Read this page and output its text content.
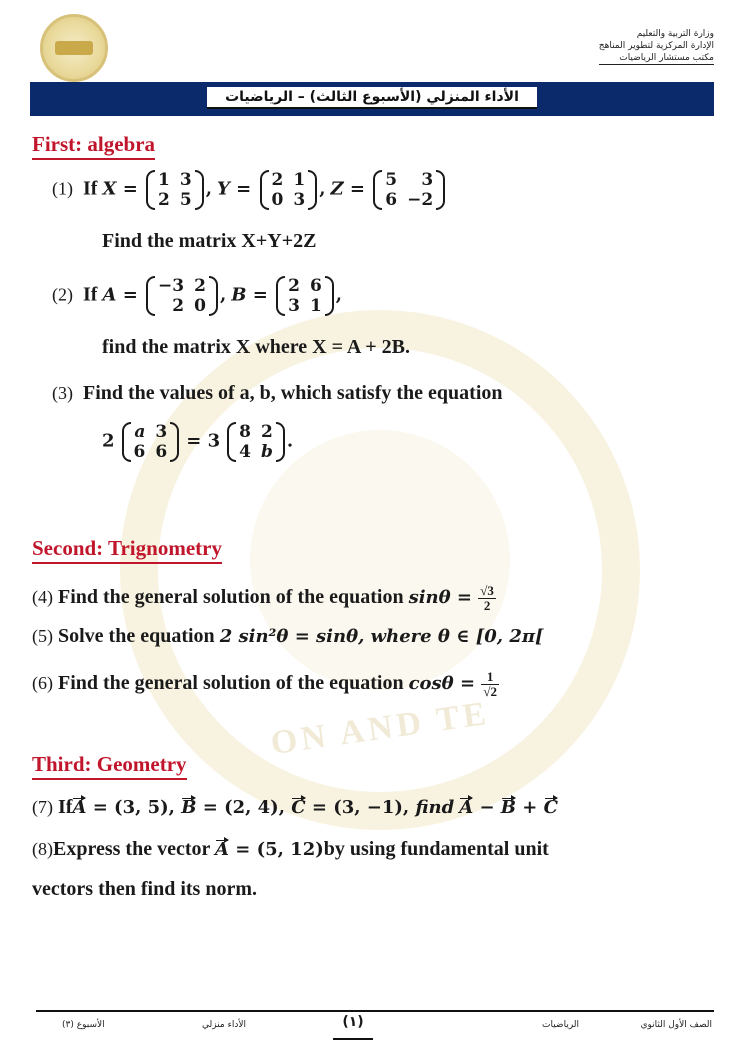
وزارة التربية والتعليم
الإدارة المركزية لتطوير المناهج
مكتب مستشار الرياضيات
الأداء المنزلي (الأسبوع الثالث) – الرياضيات
First: algebra
(1) If X = 1	3
2	5
, Y = 2	1
0	3
, Z = 5	3
6	−2
Find the matrix X+Y+2Z
(2) If A = −3	2
2	0
, B = 2	6
3	1
,
find the matrix X where X = A + 2B.
(3) Find the values of a, b, which satisfy the equation
2 a	3
6	6
= 3 8	2
4	b
.
Second: Trignometry
(4) Find the general solution of the equation $\sin\theta = \frac{√3}{2}$
(5) Solve the equation 2 sin²θ = sinθ, where θ ∈ [0, 2π[
(6) Find the general solution of the equation $\cos\theta = \frac{1}{√2}$
ON AND TE
Third: Geometry
(7) IfA = (3, 5), B = (2, 4), C = (3, −1), find A − B + C
(8)Express the vector A = (5, 12)by using fundamental unit
vectors then find its norm.
الصف الأول الثانوي
الرياضيات
(١)
الأداء منزلي
الأسبوع (٣)
